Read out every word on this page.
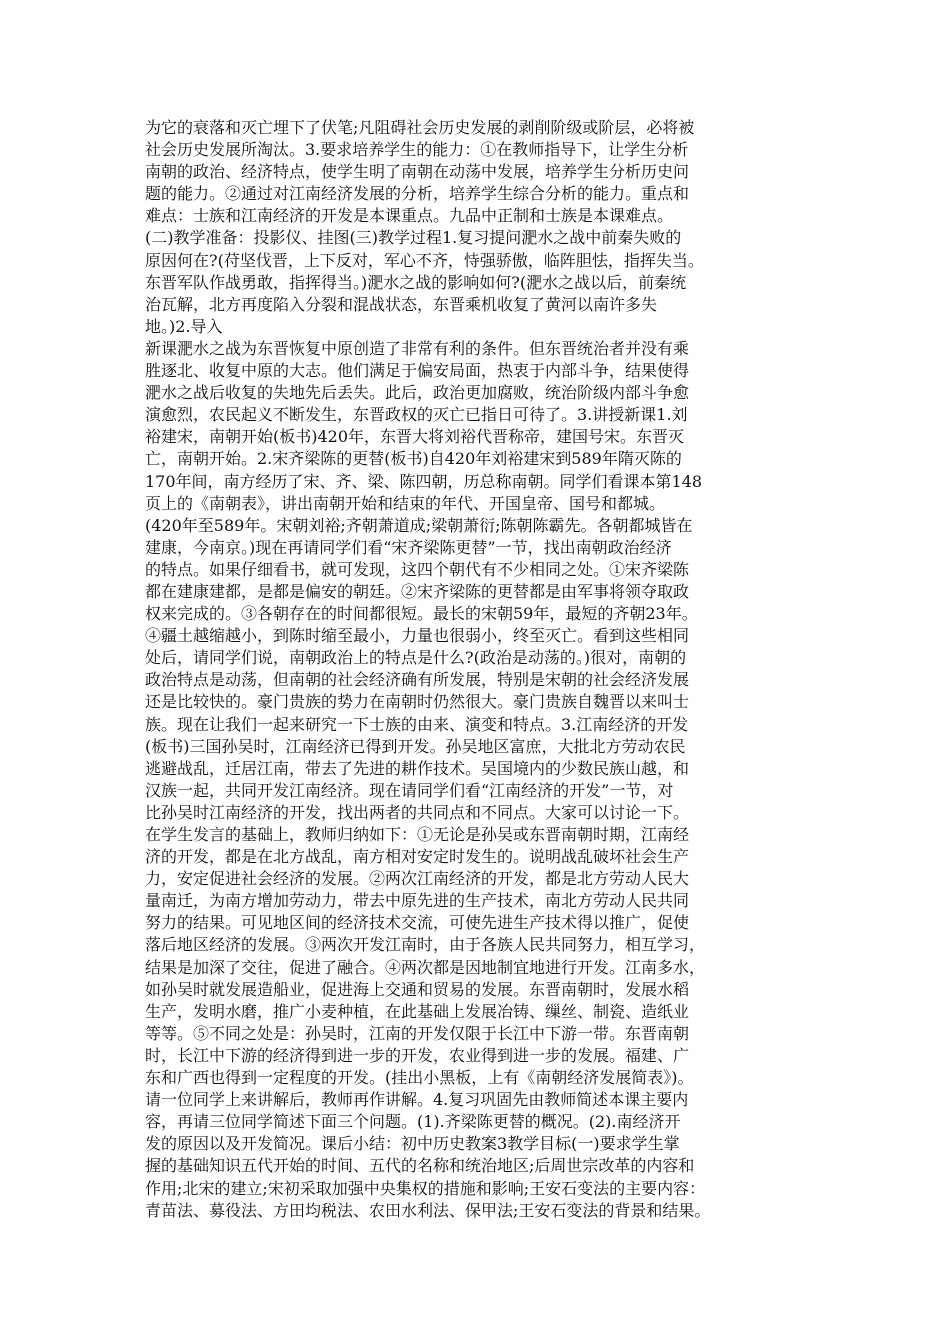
为它的衰落和灭亡埋下了伏笔;凡阻碍社会历史发展的剥削阶级或阶层，必将被
社会历史发展所淘汰。3.要求培养学生的能力：①在教师指导下，让学生分析
南朝的政治、经济特点，使学生明了南朝在动荡中发展，培养学生分析历史问
题的能力。②通过对江南经济发展的分析，培养学生综合分析的能力。重点和
难点：士族和江南经济的开发是本课重点。九品中正制和士族是本课难点。
(二)教学准备：投影仪、挂图(三)教学过程1.复习提问淝水之战中前秦失败的
原因何在?(苻坚伐晋，上下反对，军心不齐，恃强骄傲，临阵胆怯，指挥失当。
东晋军队作战勇敢，指挥得当。)淝水之战的影响如何?(淝水之战以后，前秦统
治瓦解，北方再度陷入分裂和混战状态，东晋乘机收复了黄河以南许多失
地。)2.导入
新课淝水之战为东晋恢复中原创造了非常有利的条件。但东晋统治者并没有乘
胜逐北、收复中原的大志。他们满足于偏安局面，热衷于内部斗争，结果使得
淝水之战后收复的失地先后丢失。此后，政治更加腐败，统治阶级内部斗争愈
演愈烈，农民起义不断发生，东晋政权的灭亡已指日可待了。3.讲授新课1.刘
裕建宋，南朝开始(板书)420年，东晋大将刘裕代晋称帝，建国号宋。东晋灭
亡，南朝开始。2.宋齐梁陈的更替(板书)自420年刘裕建宋到589年隋灭陈的
170年间，南方经历了宋、齐、梁、陈四朝，历总称南朝。同学们看课本第148
页上的《南朝表》，讲出南朝开始和结束的年代、开国皇帝、国号和都城。
(420年至589年。宋朝刘裕;齐朝萧道成;梁朝萧衍;陈朝陈霸先。各朝都城皆在
建康，今南京。)现在再请同学们看“宋齐梁陈更替”一节，找出南朝政治经济
的特点。如果仔细看书，就可发现，这四个朝代有不少相同之处。①宋齐梁陈
都在建康建都，是都是偏安的朝廷。②宋齐梁陈的更替都是由军事将领夺取政
权来完成的。③各朝存在的时间都很短。最长的宋朝59年，最短的齐朝23年。
④疆土越缩越小，到陈时缩至最小，力量也很弱小，终至灭亡。看到这些相同
处后，请同学们说，南朝政治上的特点是什么?(政治是动荡的。)很对，南朝的
政治特点是动荡，但南朝的社会经济确有所发展，特别是宋朝的社会经济发展
还是比较快的。豪门贵族的势力在南朝时仍然很大。豪门贵族自魏晋以来叫士
族。现在让我们一起来研究一下士族的由来、演变和特点。3.江南经济的开发
(板书)三国孙吴时，江南经济已得到开发。孙吴地区富庶，大批北方劳动农民
逃避战乱，迁居江南，带去了先进的耕作技术。吴国境内的少数民族山越，和
汉族一起，共同开发江南经济。现在请同学们看“江南经济的开发”一节，对
比孙吴时江南经济的开发，找出两者的共同点和不同点。大家可以讨论一下。
在学生发言的基础上，教师归纳如下：①无论是孙吴或东晋南朝时期，江南经
济的开发，都是在北方战乱，南方相对安定时发生的。说明战乱破坏社会生产
力，安定促进社会经济的发展。②两次江南经济的开发，都是北方劳动人民大
量南迁，为南方增加劳动力，带去中原先进的生产技术，南北方劳动人民共同
努力的结果。可见地区间的经济技术交流，可使先进生产技术得以推广，促使
落后地区经济的发展。③两次开发江南时，由于各族人民共同努力，相互学习，
结果是加深了交往，促进了融合。④两次都是因地制宜地进行开发。江南多水，
如孙吴时就发展造船业，促进海上交通和贸易的发展。东晋南朝时，发展水稻
生产，发明水磨，推广小麦种植，在此基础上发展冶铸、缫丝、制瓷、造纸业
等等。⑤不同之处是：孙吴时，江南的开发仅限于长江中下游一带。东晋南朝
时，长江中下游的经济得到进一步的开发，农业得到进一步的发展。福建、广
东和广西也得到一定程度的开发。(挂出小黑板，上有《南朝经济发展简表》)。
请一位同学上来讲解后，教师再作讲解。4.复习巩固先由教师简述本课主要内
容，再请三位同学简述下面三个问题。(1).齐梁陈更替的概况。(2).南经济开
发的原因以及开发简况。课后小结：初中历史教案3教学目标(一)要求学生掌
握的基础知识五代开始的时间、五代的名称和统治地区;后周世宗改革的内容和
作用;北宋的建立;宋初采取加强中央集权的措施和影响;王安石变法的主要内容：
青苗法、募役法、方田均税法、农田水利法、保甲法;王安石变法的背景和结果。
